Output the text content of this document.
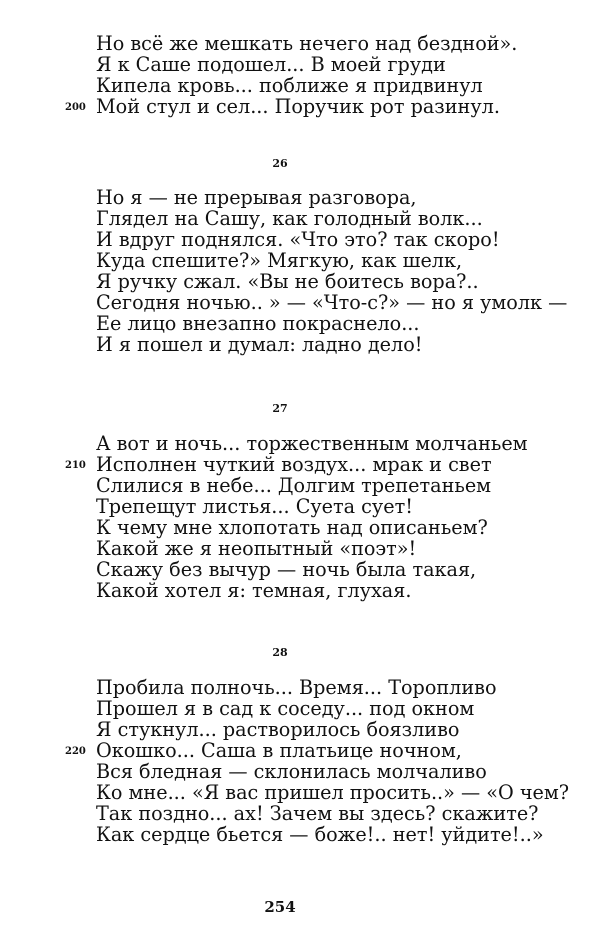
Но всё же мешкать нечего над бездной».
Я к Саше подошел... В моей груди
Кипела кровь... поближе я придвинул
200 Мой стул и сел... Поручик рот разинул.
26
Но я — не прерывая разговора,
Глядел на Сашу, как голодный волк...
И вдруг поднялся. «Что это? так скоро!
Куда спешите?» Мягкую, как шелк,
Я ручку сжал. «Вы не боитесь вора?..
Сегодня ночью.. » — «Что-с?» — но я умолк —
Ее лицо внезапно покраснело...
И я пошел и думал: ладно дело!
27
А вот и ночь... торжественным молчаньем
210 Исполнен чуткий воздух... мрак и свет
Слилися в небе... Долгим трепетаньем
Трепещут листья... Суета сует!
К чему мне хлопотать над описаньем?
Какой же я неопытный «поэт»!
Скажу без вычур — ночь была такая,
Какой хотел я: темная, глухая.
28
Пробила полночь... Время... Торопливо
Прошел я в сад к соседу... под окном
Я стукнул... растворилось боязливо
220 Окошко... Саша в платьице ночном,
Вся бледная — склонилась молчаливо
Ко мне... «Я вас пришел просить..» — «О чем?
Так поздно... ах! Зачем вы здесь? скажите?
Как сердце бьется — боже!.. нет! уйдите!..»
254
